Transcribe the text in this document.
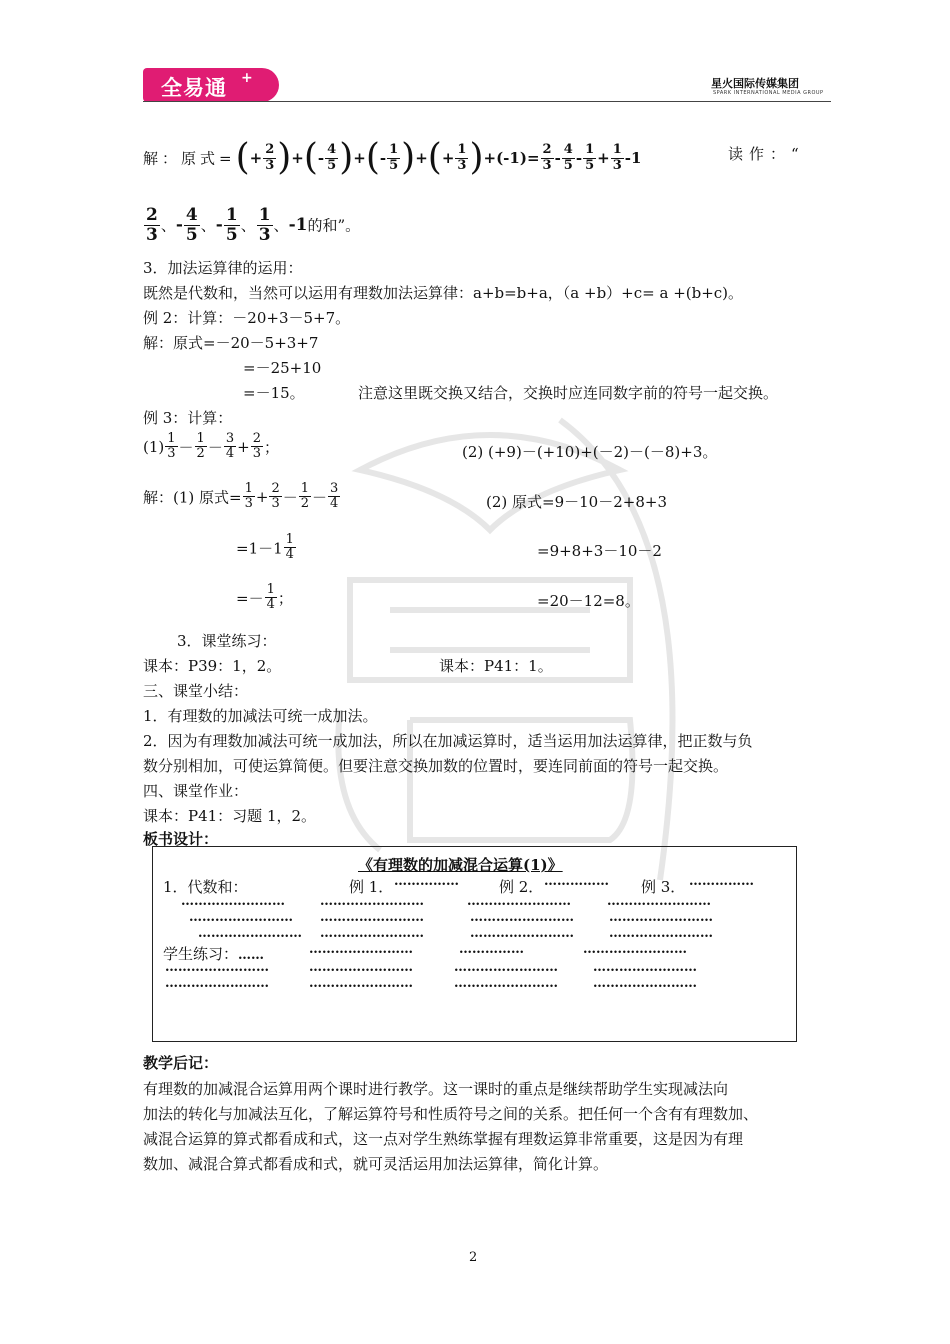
全易通 +	星火国际传媒集团
SPARK INTERNATIONAL MEDIA GROUP
解：原式=(+ $\frac{2}{3}$ )+(- $\frac{4}{5}$ )+(- $\frac{1}{5}$ )+(+ $\frac{1}{3} )+(-1)= \frac{2}{3} - \frac{4}{5} - \frac{1}{5} + \frac{1}{3} -1$	读作：“
$\frac{2}{3}$ 、- $\frac{4}{5}$ 、- $\frac{1}{5}$ 、 $\frac{1}{3}$ 、-1的和”。
3．加法运算律的运用：
既然是代数和，当然可以运用有理数加法运算律：a+b=b+a，（a +b）+c= a +(b+c)。
例 2：计算：－20+3－5+7。
解：原式=－20－5+3+7
=－25+10
=－15。	注意这里既交换又结合，交换时应连同数字前的符号一起交换。
例 3：计算：
$(1) \frac{1}{3} - \frac{1}{2} - \frac{3}{4} + \frac{2}{3}$ ；	(2) (+9)－(+10)+(－2)－(－8)+3。
解：(1) 原式= $\frac{1}{3} + \frac{2}{3} - \frac{1}{2} - \frac{3}{4}$	(2) 原式=9－10－2+8+3
$=1-1 \frac{1}{4}$	=9+8+3－10－2
=－ $\frac{1}{4}$ ；	=20－12=8。
3．课堂练习：
课本：P39：1，2。	课本：P41：1。
三、课堂小结：
1．有理数的加减法可统一成加法。
2．因为有理数加减法可统一成加法，所以在加减运算时，适当运用加法运算律，把正数与负
数分别相加，可使运算简便。但要注意交换加数的位置时，要连同前面的符号一起交换。
四、课堂作业：
课本：P41：习题 1，2。
板书设计：
《有理数的加减混合运算(1)》
1．代数和：	例 1． ……………	例 2． …………… 例 3． ……………
……………………	……………………	……………………	……………………
…………………… ……………………	……………………	……………………
…………………… ……………………	……………………	……………………
学生练习：……	……………………	……………	……………………
……………………	……………………	……………………	……………………
……………………	……………………	……………………	……………………
教学后记：
有理数的加减混合运算用两个课时进行教学。这一课时的重点是继续帮助学生实现减法向
加法的转化与加减法互化，了解运算符号和性质符号之间的关系。把任何一个含有有理数加、
减混合运算的算式都看成和式，这一点对学生熟练掌握有理数运算非常重要，这是因为有理
数加、减混合算式都看成和式，就可灵活运用加法运算律，简化计算。
2
